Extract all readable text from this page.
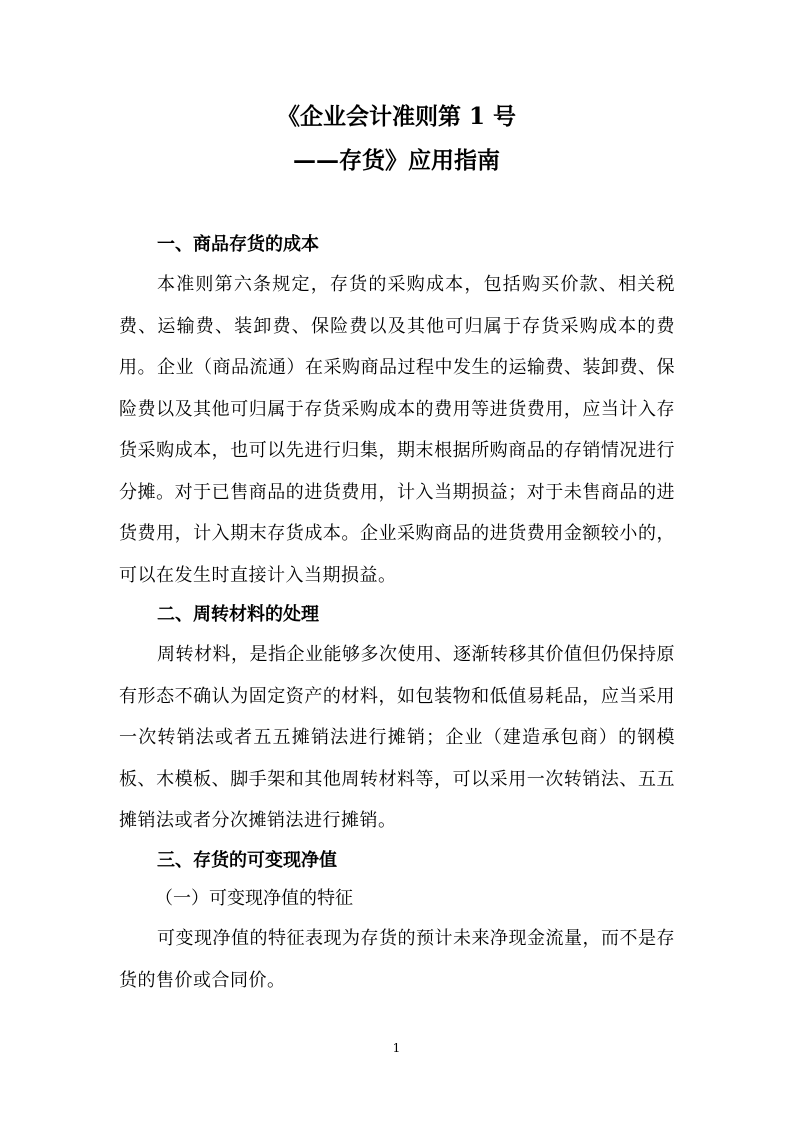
《企业会计准则第 1 号
——存货》应用指南
一、商品存货的成本
本准则第六条规定，存货的采购成本，包括购买价款、相关税费、运输费、装卸费、保险费以及其他可归属于存货采购成本的费用。 企业（商品流通）在采购商品过程中发生的运输费、装卸费、保险费以及其他可归属于存货采购成本的费用等进货费用，应当计入存货采购成本，也可以先进行归集，期末根据所购商品的存销情况进行分摊。对于已售商品的进货费用，计入当期损益；对于未售商品的进货费用，计入期末存货成本。企业采购商品的进货费用金额较小的，可以在发生时直接计入当期损益。
二、周转材料的处理
周转材料，是指企业能够多次使用、逐渐转移其价值但仍保持原有形态不确认为固定资产的材料，如包装物和低值易耗品，应当采用一次转销法或者五五摊销法进行摊销；企业（建造承包商）的钢模板、木模板、脚手架和其他周转材料等，可以采用一次转销法、五五摊销法或者分次摊销法进行摊销。
三、存货的可变现净值
（一）可变现净值的特征
可变现净值的特征表现为存货的预计未来净现金流量，而不是存货的售价或合同价。
1
